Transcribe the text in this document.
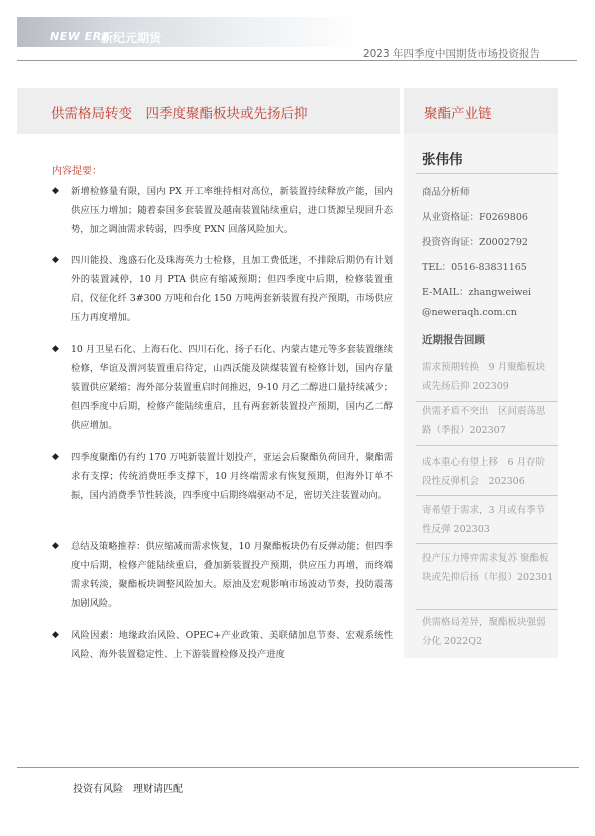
NEW ERA
新纪元期货
2023 年四季度中国期货市场投资报告
供需格局转变　四季度聚酯板块或先扬后抑	聚酯产业链
张伟伟
商品分析师
从业资格证：F0269806
投资咨询证：Z0002792
TEL：0516-83831165
E-MAIL：zhangweiwei
@neweraqh.com.cn
近期报告回顾
需求预期转换　9 月聚酯板块或先扬后抑 202309
供需矛盾不突出　区间震荡思路（季报）202307
成本重心有望上移　6 月存阶段性反弹机会　202306
寄希望于需求，3 月或有季节性反弹 202303
投产压力博弈需求复苏 聚酯板块或先抑后扬（年报）202301
供需格局差异，聚酯板块强弱分化 2022Q2
内容提要：
◆ 新增检修量有限，国内 PX 开工率维持相对高位，新装置持续释放产能，国内供应压力增加；随着泰国多套装置及越南装置陆续重启，进口货源呈现回升态势，加之调油需求转弱，四季度 PXN 回落风险加大。
◆ 四川能投、逸盛石化及珠海英力士检修，且加工费低迷，不排除后期仍有计划外的装置减停，10 月 PTA 供应有缩减预期；但四季度中后期，检修装置重启，仪征化纤 3#300 万吨和台化 150 万吨两套新装置有投产预期，市场供应压力再度增加。
◆ 10 月卫星石化、上海石化、四川石化、扬子石化、内蒙古建元等多套装置继续检修，华谊及渭河装置重启待定，山西沃能及陕煤装置有检修计划，国内存量装置供应紧缩；海外部分装置重启时间推迟，9-10 月乙二醇进口量持续减少；但四季度中后期，检修产能陆续重启，且有两套新装置投产预期，国内乙二醇供应增加。
◆ 四季度聚酯仍有约 170 万吨新装置计划投产，亚运会后聚酯负荷回升，聚酯需求有支撑；传统消费旺季支撑下，10 月终端需求有恢复预期，但海外订单不振，国内消费季节性转淡，四季度中后期终端驱动不足，密切关注装置动向。
◆ 总结及策略推荐：供应缩减而需求恢复，10 月聚酯板块仍有反弹动能；但四季度中后期，检修产能陆续重启，叠加新装置投产预期，供应压力再增，而终端需求转淡，聚酯板块调整风险加大。原油及宏观影响市场波动节奏，投防震荡加剧风险。
◆ 风险因素：地缘政治风险、OPEC+产业政策、美联储加息节奏、宏观系统性风险、海外装置稳定性、上下游装置检修及投产进度
投资有风险　理财请匹配
